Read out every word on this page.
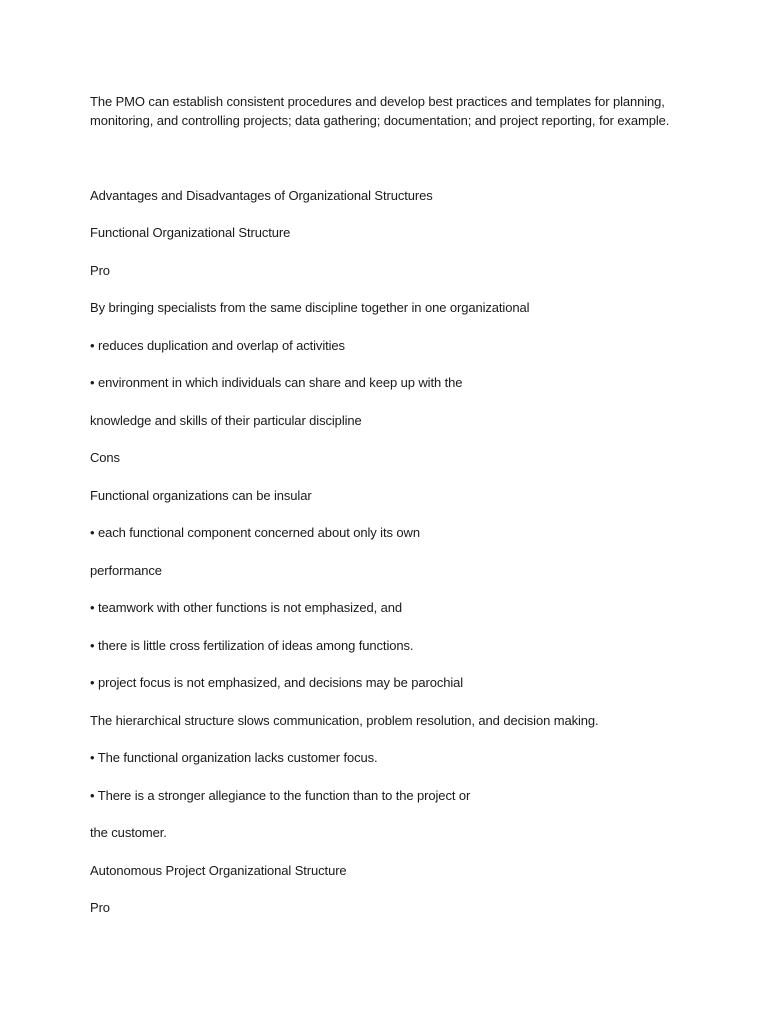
The PMO can establish consistent procedures and develop best practices and templates for planning, monitoring, and controlling projects; data gathering; documentation; and project reporting, for example.

Advantages and Disadvantages of Organizational Structures

Functional Organizational Structure

Pro

By bringing specialists from the same discipline together in one organizational

• reduces duplication and overlap of activities

• environment in which individuals can share and keep up with the

knowledge and skills of their particular discipline

Cons

Functional organizations can be insular

• each functional component concerned about only its own

performance

• teamwork with other functions is not emphasized, and

• there is little cross fertilization of ideas among functions.

• project focus is not emphasized, and decisions may be parochial

The hierarchical structure slows communication, problem resolution, and decision making.

• The functional organization lacks customer focus.

• There is a stronger allegiance to the function than to the project or

the customer.

Autonomous Project Organizational Structure

Pro
